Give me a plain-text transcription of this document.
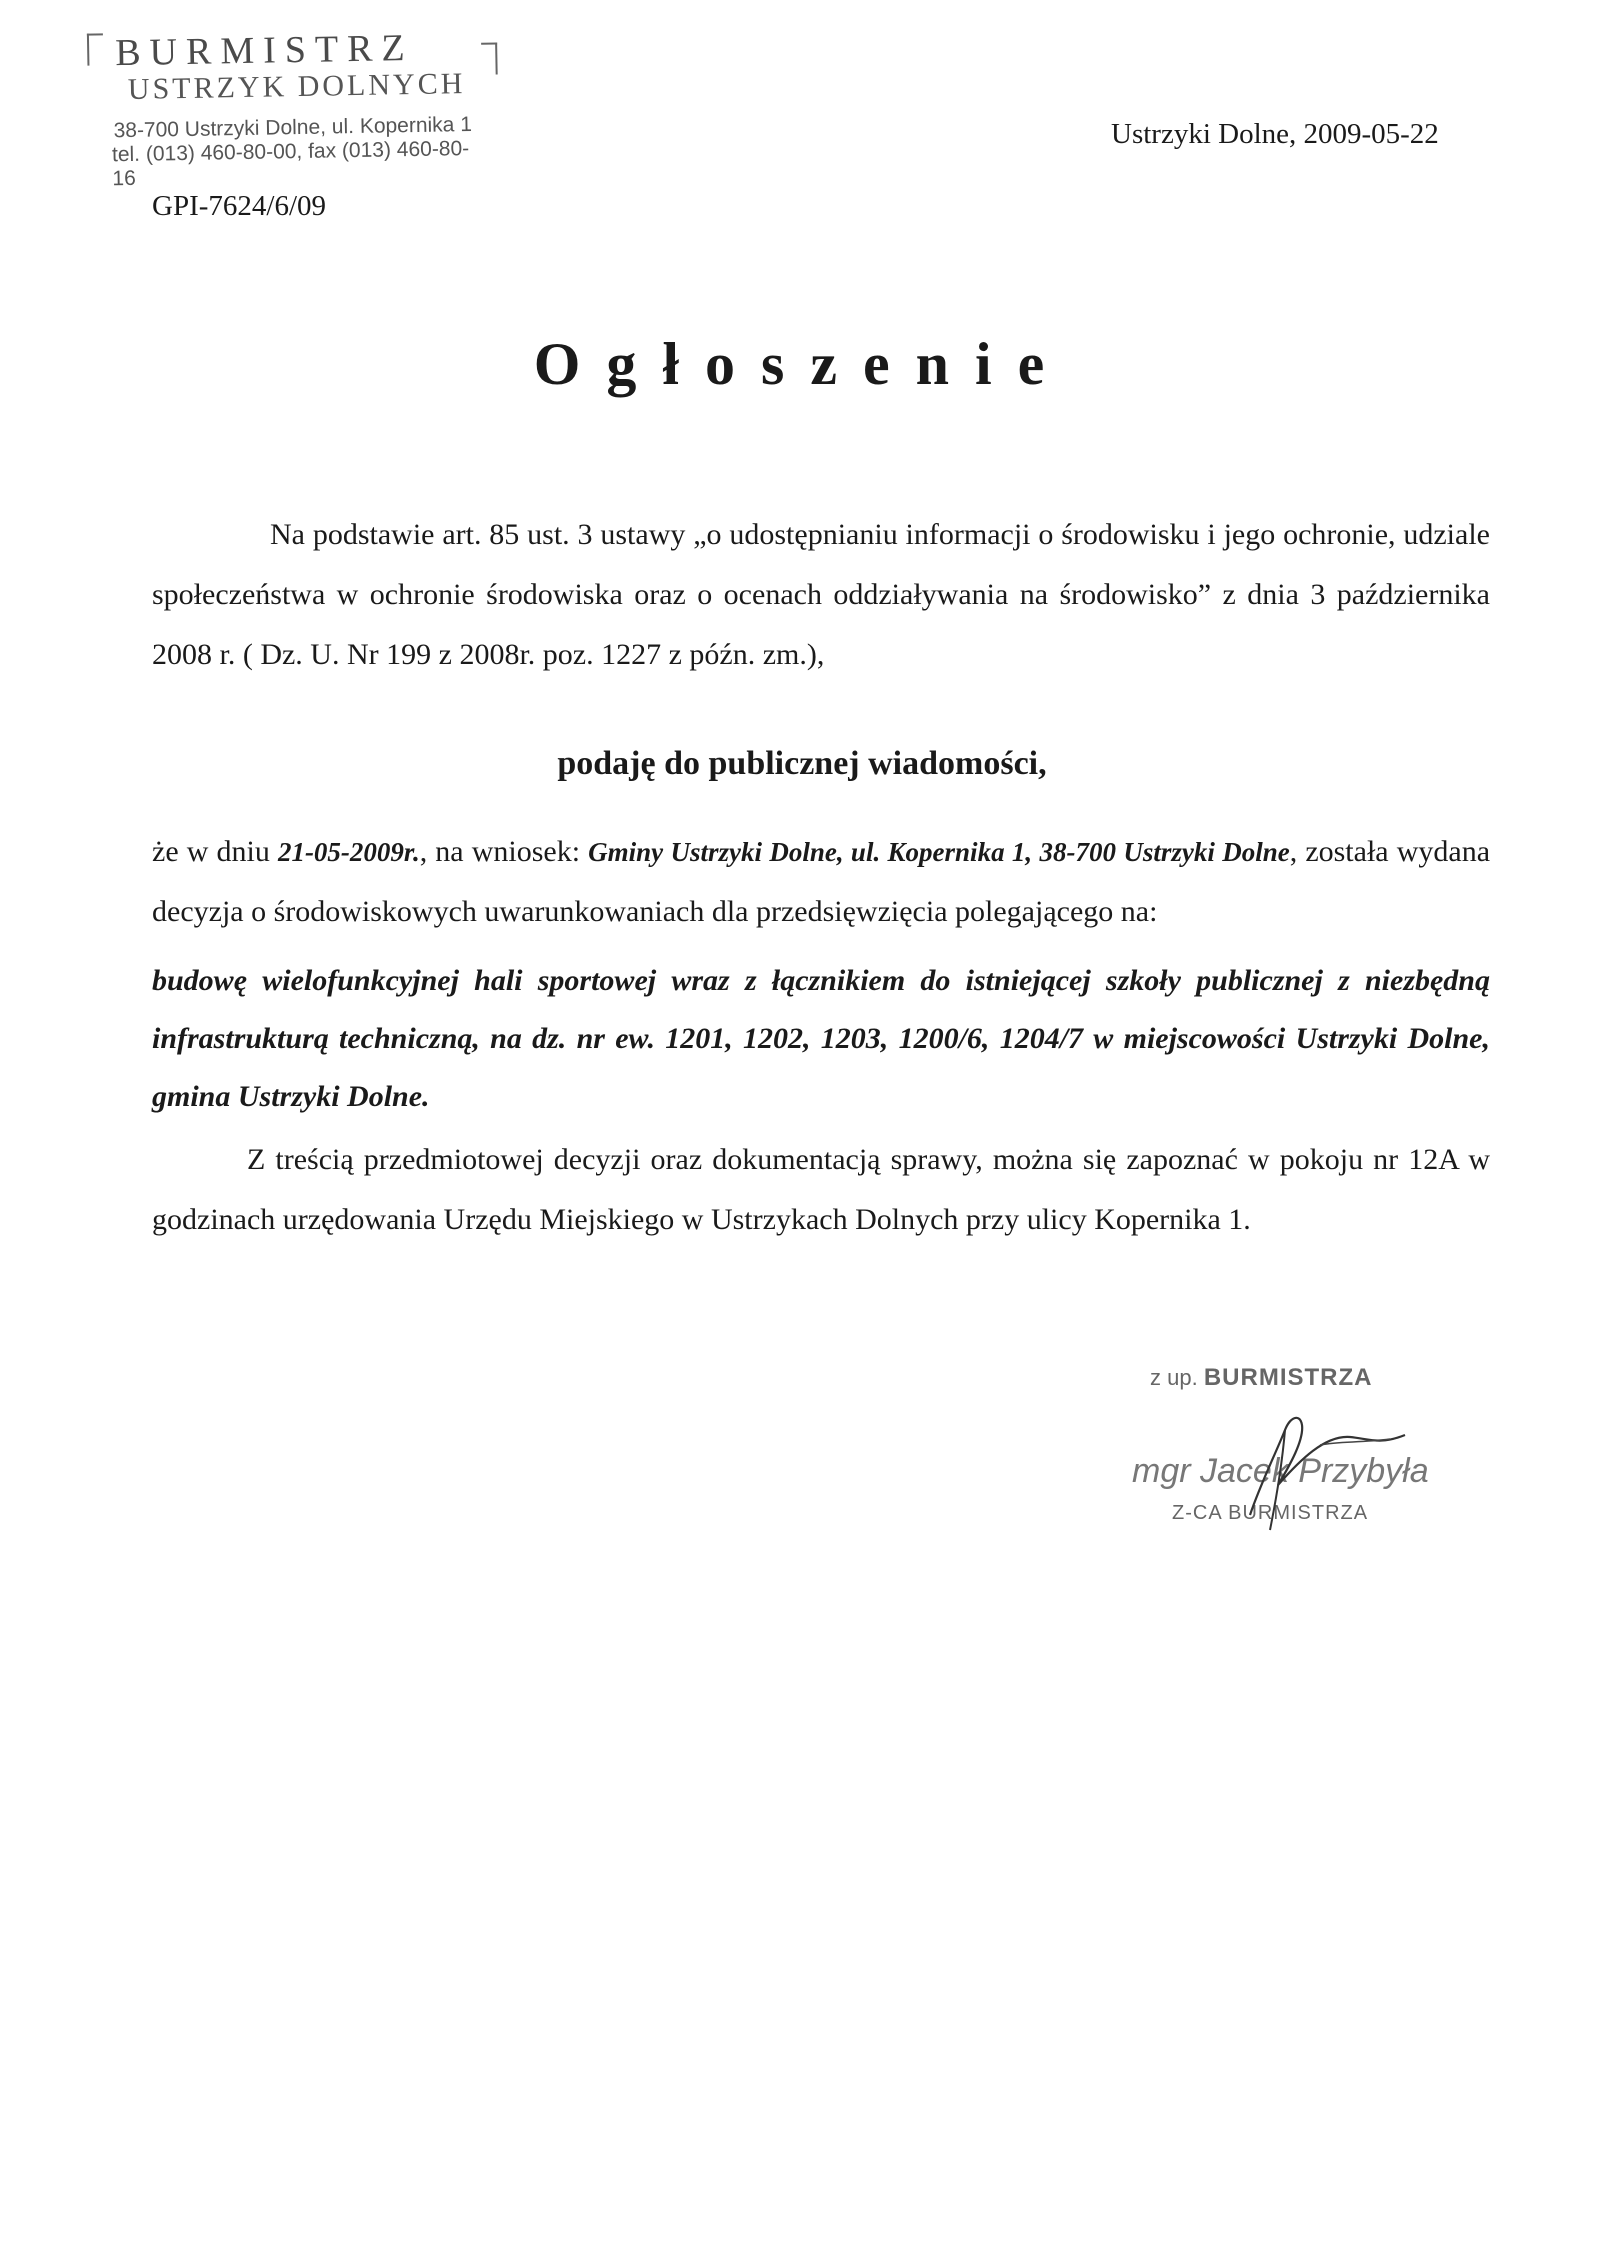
BURMISTRZ
USTRZYK DOLNYCH
38-700 Ustrzyki Dolne, ul. Kopernika 1
tel. (013) 460-80-00, fax (013) 460-80-16
Ustrzyki Dolne, 2009-05-22
GPI-7624/6/09
Ogłoszenie
Na podstawie art. 85 ust. 3 ustawy „o udostępnianiu informacji o środowisku i jego ochronie, udziale społeczeństwa w ochronie środowiska oraz o ocenach oddziaływania na środowisko” z dnia 3 października 2008 r. ( Dz. U. Nr 199 z 2008r. poz. 1227 z późn. zm.),
podaję do publicznej wiadomości,
że w dniu 21-05-2009r., na wniosek: Gminy Ustrzyki Dolne, ul. Kopernika 1, 38-700 Ustrzyki Dolne, została wydana decyzja o środowiskowych uwarunkowaniach dla przedsięwzięcia polegającego na:
budowę wielofunkcyjnej hali sportowej wraz z łącznikiem do istniejącej szkoły publicznej z niezbędną infrastrukturą techniczną, na dz. nr ew. 1201, 1202, 1203, 1200/6, 1204/7 w miejscowości Ustrzyki Dolne, gmina Ustrzyki Dolne.
Z treścią przedmiotowej decyzji oraz dokumentacją sprawy, można się zapoznać w pokoju nr 12A w godzinach urzędowania Urzędu Miejskiego w Ustrzykach Dolnych przy ulicy Kopernika 1.
z up. BURMISTRZA
mgr Jacek Przybyła
Z-CA BURMISTRZA
